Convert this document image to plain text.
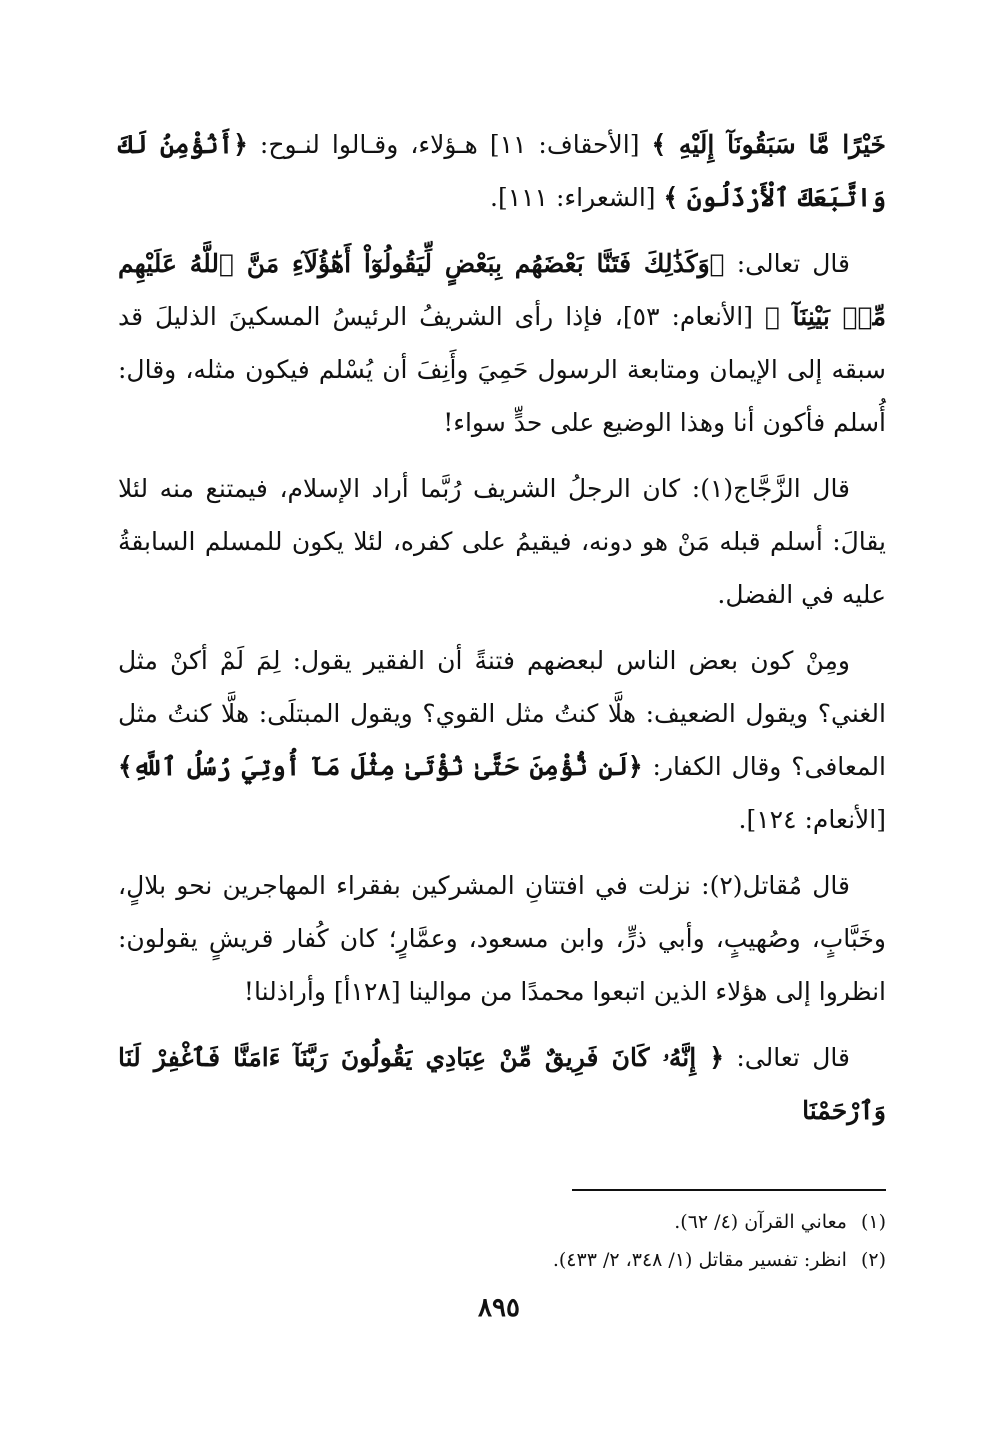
خَيْرًا مَّا سَبَقُونَآ إِلَيْهِ ﴾ [الأحقاف: ١١] هـؤلاء، وقـالوا لنـوح: ﴿أَنُؤْمِنُ لَكَ وَاتَّبَعَكَ ٱلْأَرْذَلُونَ ﴾ [الشعراء: ١١١].

قال تعالى: ﴿وَكَذَٰلِكَ فَتَنَّا بَعْضَهُم بِبَعْضٍ لِّيَقُولُوٓاْ أَهَٰٓؤُلَآءِ مَنَّ ٱللَّهُ عَلَيْهِم مِّنۢ بَيْنِنَآ ﴾ [الأنعام: ٥٣]، فإذا رأى الشريفُ الرئيسُ المسكينَ الذليلَ قد سبقه إلى الإيمان ومتابعة الرسول حَمِيَ وأَنِفَ أن يُسْلم فيكون مثله، وقال: أُسلم فأكون أنا وهذا الوضيع على حدٍّ سواء!

قال الزَّجَّاج(١): كان الرجلُ الشريف رُبَّما أراد الإسلام، فيمتنع منه لئلا يقالَ: أسلم قبله مَنْ هو دونه، فيقيمُ على كفره، لئلا يكون للمسلم السابقةُ عليه في الفضل.

ومِنْ كون بعض الناس لبعضهم فتنةً أن الفقير يقول: لِمَ لَمْ أكنْ مثل الغني؟ ويقول الضعيف: هلَّا كنتُ مثل القوي؟ ويقول المبتلَى: هلَّا كنتُ مثل المعافى؟ وقال الكفار: ﴿لَن نُّؤْمِنَ حَتَّىٰ نُؤْتَىٰ مِثْلَ مَآ أُوتِيَ رُسُلُ ٱللَّهِ﴾ [الأنعام: ١٢٤].

قال مُقاتل(٢): نزلت في افتتانِ المشركين بفقراء المهاجرين نحو بلالٍ، وخَبَّابٍ، وصُهيبٍ، وأبي ذرٍّ، وابن مسعود، وعمَّارٍ؛ كان كُفار قريشٍ يقولون: انظروا إلى هؤلاء الذين اتبعوا محمدًا من موالينا [١٢٨أ] وأراذلنا!

قال تعالى: ﴿ إِنَّهُۥ كَانَ فَرِيقٌ مِّنْ عِبَادِي يَقُولُونَ رَبَّنَآ ءَامَنَّا فَٱغْفِرْ لَنَا وَٱرْحَمْنَا

(١)معاني القرآن (٤/ ٦٢).
(٢)انظر: تفسير مقاتل (١/ ٣٤٨، ٢/ ٤٣٣).
٨٩٥
